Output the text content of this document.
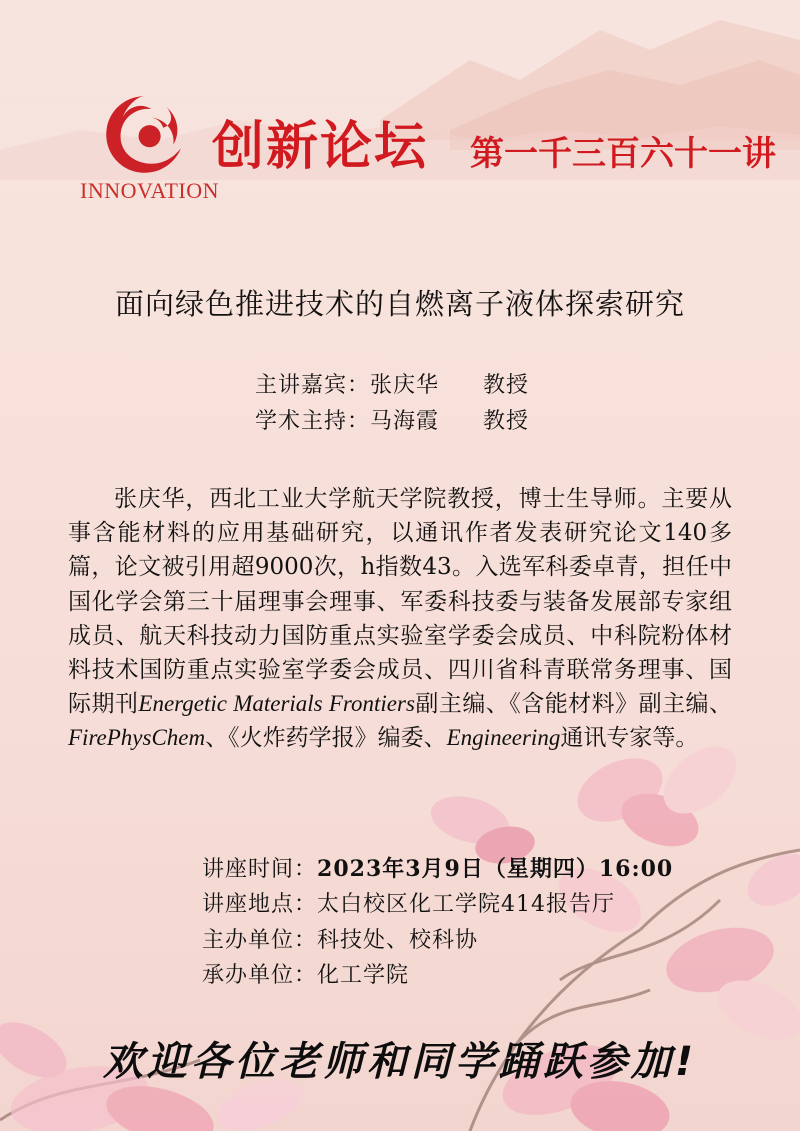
INNOVATION
创新论坛 第一千三百六十一讲
面向绿色推进技术的自燃离子液体探索研究
主讲嘉宾：张庆华 教授
学术主持：马海霞 教授
张庆华，西北工业大学航天学院教授，博士生导师。主要从事含能材料的应用基础研究，以通讯作者发表研究论文140多篇，论文被引用超9000次，h指数43。入选军科委卓青，担任中国化学会第三十届理事会理事、军委科技委与装备发展部专家组成员、航天科技动力国防重点实验室学委会成员、中科院粉体材料技术国防重点实验室学委会成员、四川省科青联常务理事、国际期刊Energetic Materials Frontiers副主编、《含能材料》副主编、FirePhysChem、《火炸药学报》编委、Engineering通讯专家等。
讲座时间：2023年3月9日（星期四）16:00
讲座地点：太白校区化工学院414报告厅
主办单位：科技处、校科协
承办单位：化工学院
欢迎各位老师和同学踊跃参加!
